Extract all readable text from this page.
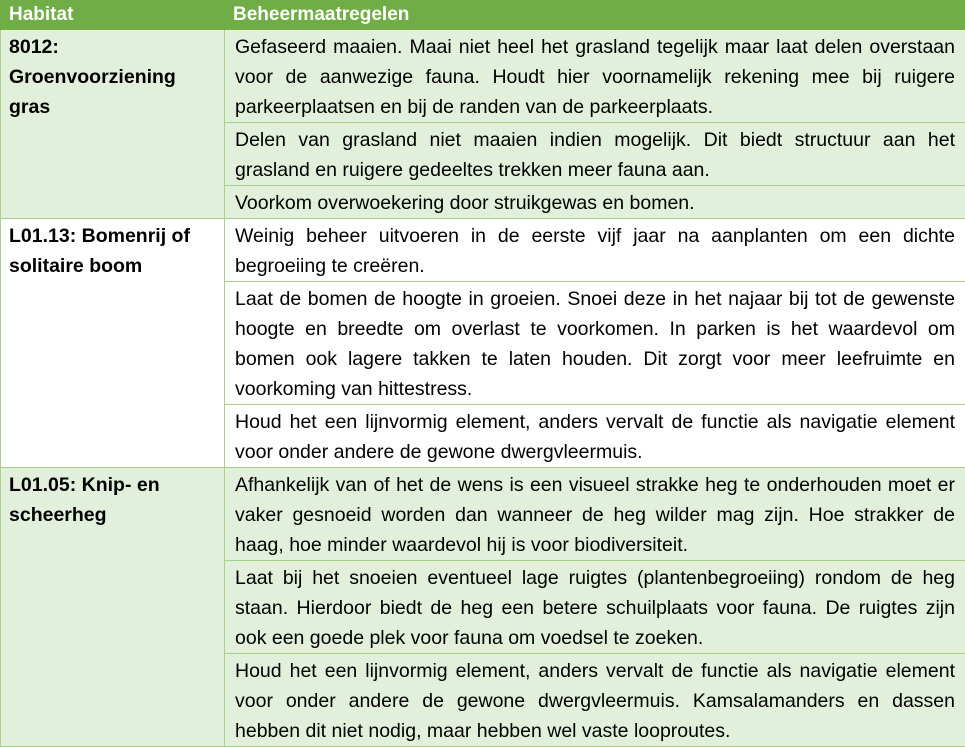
Habitat	Beheermaatregelen
8012: Groenvoorziening gras	Gefaseerd maaien. Maai niet heel het grasland tegelijk maar laat delen overstaan voor de aanwezige fauna. Houdt hier voornamelijk rekening mee bij ruigere parkeerplaatsen en bij de randen van de parkeerplaats.
	Delen van grasland niet maaien indien mogelijk. Dit biedt structuur aan het grasland en ruigere gedeeltes trekken meer fauna aan.
	Voorkom overwoekering door struikgewas en bomen.
L01.13: Bomenrij of solitaire boom	Weinig beheer uitvoeren in de eerste vijf jaar na aanplanten om een dichte begroeiing te creëren.
	Laat de bomen de hoogte in groeien. Snoei deze in het najaar bij tot de gewenste hoogte en breedte om overlast te voorkomen. In parken is het waardevol om bomen ook lagere takken te laten houden. Dit zorgt voor meer leefruimte en voorkoming van hittestress.
	Houd het een lijnvormig element, anders vervalt de functie als navigatie element voor onder andere de gewone dwergvleermuis.
L01.05: Knip- en scheerheg	Afhankelijk van of het de wens is een visueel strakke heg te onderhouden moet er vaker gesnoeid worden dan wanneer de heg wilder mag zijn. Hoe strakker de haag, hoe minder waardevol hij is voor biodiversiteit.
	Laat bij het snoeien eventueel lage ruigtes (plantenbegroeiing) rondom de heg staan. Hierdoor biedt de heg een betere schuilplaats voor fauna. De ruigtes zijn ook een goede plek voor fauna om voedsel te zoeken.
	Houd het een lijnvormig element, anders vervalt de functie als navigatie element voor onder andere de gewone dwergvleermuis. Kamsalamanders en dassen hebben dit niet nodig, maar hebben wel vaste looproutes.
